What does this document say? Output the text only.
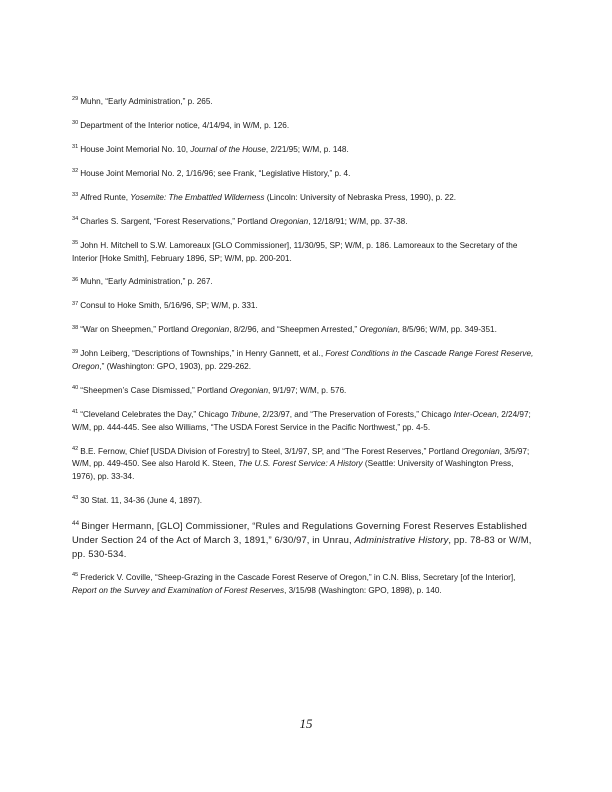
$^{29}$ Muhn, “Early Administration,” p. 265.
$^{30}$ Department of the Interior notice, 4/14/94, in W/M, p. 126.
$^{31}$ House Joint Memorial No. 10, Journal of the House, 2/21/95; W/M, p. 148.
$^{32}$ House Joint Memorial No. 2, 1/16/96; see Frank, “Legislative History,” p. 4.
$^{33}$ Alfred Runte, Yosemite: The Embattled Wilderness (Lincoln: University of Nebraska Press, 1990), p. 22.
$^{34}$ Charles S. Sargent, “Forest Reservations,” Portland Oregonian, 12/18/91; W/M, pp. 37-38.
$^{35}$ John H. Mitchell to S.W. Lamoreaux [GLO Commissioner], 11/30/95, SP; W/M, p. 186. Lamoreaux to the Secretary of the Interior [Hoke Smith], February 1896, SP; W/M, pp. 200-201.
$^{36}$ Muhn, “Early Administration,” p. 267.
$^{37}$ Consul to Hoke Smith, 5/16/96, SP; W/M, p. 331.
$^{38}$ “War on Sheepmen,” Portland Oregonian, 8/2/96, and “Sheepmen Arrested,” Oregonian, 8/5/96; W/M, pp. 349-351.
$^{39}$ John Leiberg, “Descriptions of Townships,” in Henry Gannett, et al., Forest Conditions in the Cascade Range Forest Reserve, Oregon,” (Washington: GPO, 1903), pp. 229-262.
$^{40}$ “Sheepmen’s Case Dismissed,” Portland Oregonian, 9/1/97; W/M, p. 576.
$^{41}$ “Cleveland Celebrates the Day,” Chicago Tribune, 2/23/97, and “The Preservation of Forests,” Chicago Inter-Ocean, 2/24/97; W/M, pp. 444-445. See also Williams, “The USDA Forest Service in the Pacific Northwest,” pp. 4-5.
$^{42}$ B.E. Fernow, Chief [USDA Division of Forestry] to Steel, 3/1/97, SP, and “The Forest Reserves,” Portland Oregonian, 3/5/97; W/M, pp. 449-450. See also Harold K. Steen, The U.S. Forest Service: A History (Seattle: University of Washington Press, 1976), pp. 33-34.
$^{43}$ 30 Stat. 11, 34-36 (June 4, 1897).
$^{44}$ Binger Hermann, [GLO] Commissioner, “Rules and Regulations Governing Forest Reserves Established Under Section 24 of the Act of March 3, 1891,” 6/30/97, in Unrau, Administrative History, pp. 78-83 or W/M, pp. 530-534.
$^{45}$ Frederick V. Coville, “Sheep-Grazing in the Cascade Forest Reserve of Oregon,” in C.N. Bliss, Secretary [of the Interior], Report on the Survey and Examination of Forest Reserves, 3/15/98 (Washington: GPO, 1898), p. 140.
15
